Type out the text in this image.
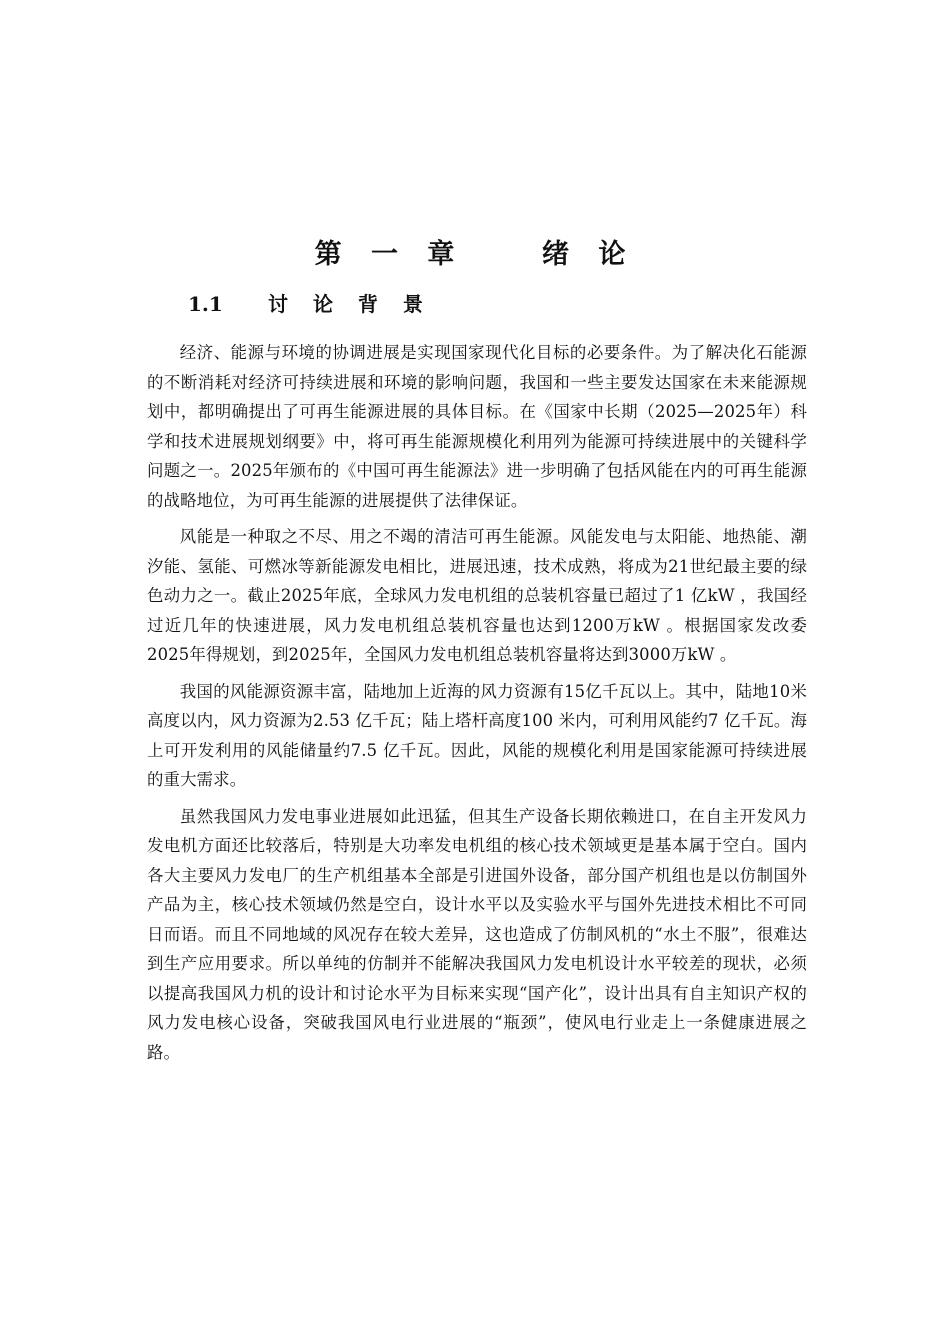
第 一 章    绪 论
1.1 讨 论 背 景

经济、能源与环境的协调进展是实现国家现代化目标的必要条件。为了解决化石能源的不断消耗对经济可持续进展和环境的影响问题，我国和一些主要发达国家在未来能源规划中，都明确提出了可再生能源进展的具体目标。在《国家中长期（2025—2025年）科学和技术进展规划纲要》中，将可再生能源规模化利用列为能源可持续进展中的关键科学问题之一。2025年颁布的《中国可再生能源法》进一步明确了包括风能在内的可再生能源的战略地位，为可再生能源的进展提供了法律保证。

风能是一种取之不尽、用之不竭的清洁可再生能源。风能发电与太阳能、地热能、潮汐能、氢能、可燃冰等新能源发电相比，进展迅速，技术成熟，将成为21世纪最主要的绿色动力之一。截止2025年底，全球风力发电机组的总装机容量已超过了1 亿kW ，我国经过近几年的快速进展，风力发电机组总装机容量也达到1200万kW 。根据国家发改委2025年得规划，到2025年，全国风力发电机组总装机容量将达到3000万kW 。

我国的风能源资源丰富，陆地加上近海的风力资源有15亿千瓦以上。其中，陆地10米高度以内，风力资源为2.53 亿千瓦；陆上塔杆高度100 米内，可利用风能约7 亿千瓦。海上可开发利用的风能储量约7.5 亿千瓦。因此，风能的规模化利用是国家能源可持续进展的重大需求。

虽然我国风力发电事业进展如此迅猛，但其生产设备长期依赖进口，在自主开发风力发电机方面还比较落后，特别是大功率发电机组的核心技术领域更是基本属于空白。国内各大主要风力发电厂的生产机组基本全部是引进国外设备，部分国产机组也是以仿制国外产品为主，核心技术领域仍然是空白，设计水平以及实验水平与国外先进技术相比不可同日而语。而且不同地域的风况存在较大差异，这也造成了仿制风机的“水土不服”，很难达到生产应用要求。所以单纯的仿制并不能解决我国风力发电机设计水平较差的现状，必须以提高我国风力机的设计和讨论水平为目标来实现“国产化”，设计出具有自主知识产权的风力发电核心设备，突破我国风电行业进展的“瓶颈”，使风电行业走上一条健康进展之路。
